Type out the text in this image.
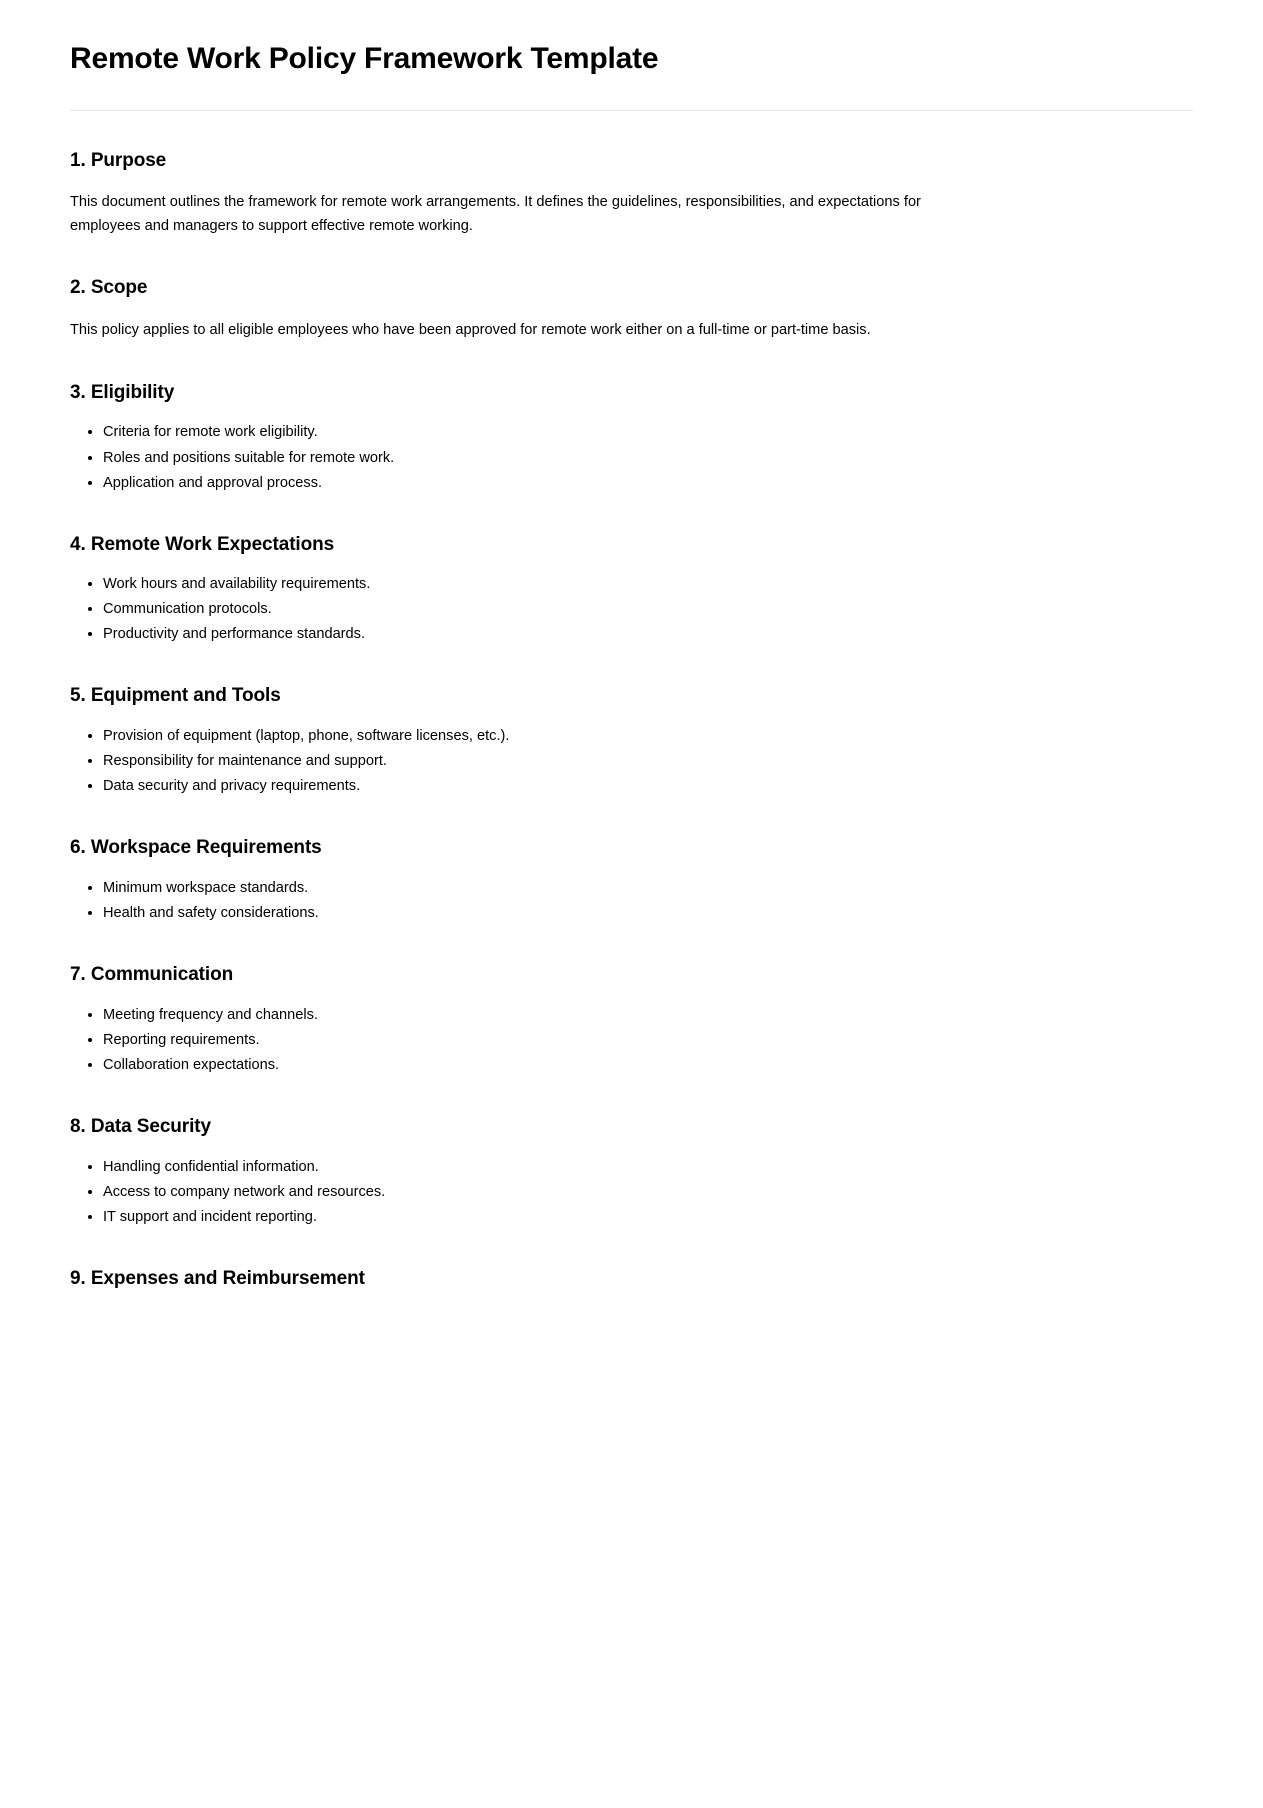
Remote Work Policy Framework Template
1. Purpose

This document outlines the framework for remote work arrangements. It defines the guidelines, responsibilities, and expectations for employees and managers to support effective remote working.

2. Scope

This policy applies to all eligible employees who have been approved for remote work either on a full-time or part-time basis.

3. Eligibility
• Criteria for remote work eligibility.
• Roles and positions suitable for remote work.
• Application and approval process.
4. Remote Work Expectations
• Work hours and availability requirements.
• Communication protocols.
• Productivity and performance standards.
5. Equipment and Tools
• Provision of equipment (laptop, phone, software licenses, etc.).
• Responsibility for maintenance and support.
• Data security and privacy requirements.
6. Workspace Requirements
• Minimum workspace standards.
• Health and safety considerations.
7. Communication
• Meeting frequency and channels.
• Reporting requirements.
• Collaboration expectations.
8. Data Security
• Handling confidential information.
• Access to company network and resources.
• IT support and incident reporting.
9. Expenses and Reimbursement
